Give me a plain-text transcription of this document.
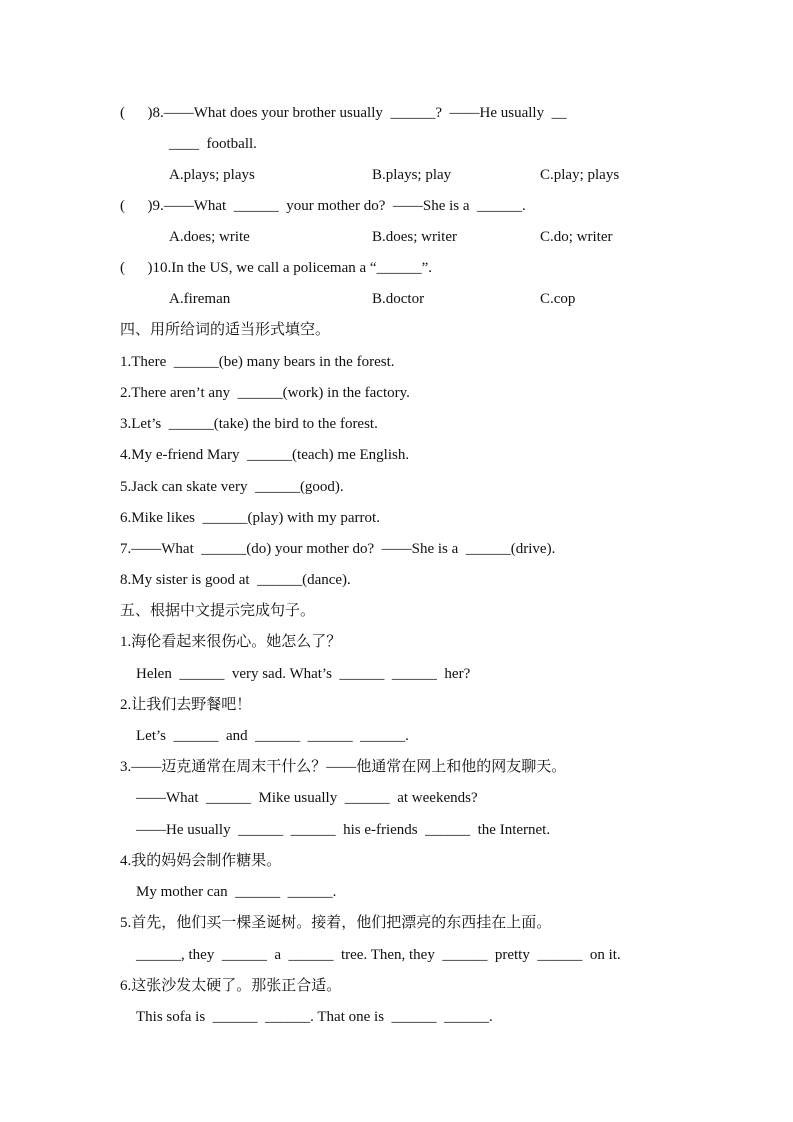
(      )8.——What does your brother usually  ______?  ——He usually  __
____  football.
A.plays; plays	B.plays; play	C.play; plays
(      )9.——What  ______  your mother do?  ——She is a  ______.
A.does; write	B.does; writer	C.do; writer
(      )10.In the US, we call a policeman a “______”.
A.fireman	B.doctor	C.cop
四、用所给词的适当形式填空。
1.There  ______(be) many bears in the forest.
2.There aren’t any  ______(work) in the factory.
3.Let’s  ______(take) the bird to the forest.
4.My e-friend Mary  ______(teach) me English.
5.Jack can skate very  ______(good).
6.Mike likes  ______(play) with my parrot.
7.——What  ______(do) your mother do?  ——She is a  ______(drive).
8.My sister is good at  ______(dance).
五、根据中文提示完成句子。
1.海伦看起来很伤心。她怎么了？
Helen  ______  very sad. What’s  ______  ______  her?
2.让我们去野餐吧！
Let’s  ______  and  ______  ______  ______.
3.——迈克通常在周末干什么？——他通常在网上和他的网友聊天。
——What  ______  Mike usually  ______  at weekends?
——He usually  ______  ______  his e-friends  ______  the Internet.
4.我的妈妈会制作糖果。
My mother can  ______  ______.
5.首先，他们买一棵圣诞树。接着，他们把漂亮的东西挂在上面。
______, they  ______  a  ______  tree. Then, they  ______  pretty  ______  on it.
6.这张沙发太硬了。那张正合适。
This sofa is  ______  ______. That one is  ______  ______.
